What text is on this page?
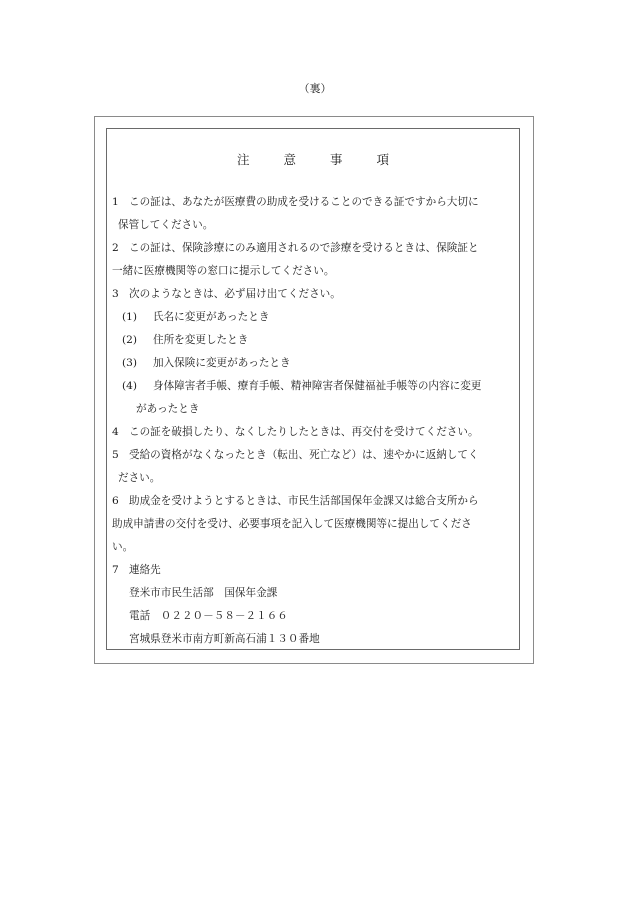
（裏）
注	意	事	項
1 この証は、あなたが医療費の助成を受けることのできる証ですから大切に
保管してください。
2 この証は、保険診療にのみ適用されるので診療を受けるときは、保険証と
一緒に医療機関等の窓口に提示してください。
3 次のようなときは、必ず届け出てください。
(1) 氏名に変更があったとき
(2) 住所を変更したとき
(3) 加入保険に変更があったとき
(4) 身体障害者手帳、療育手帳、精神障害者保健福祉手帳等の内容に変更
があったとき
4 この証を破損したり、なくしたりしたときは、再交付を受けてください。
5 受給の資格がなくなったとき（転出、死亡など）は、速やかに返納してく
ださい。
6 助成金を受けようとするときは、市民生活部国保年金課又は総合支所から
助成申請書の交付を受け、必要事項を記入して医療機関等に提出してくださ
い。
7 連絡先
登米市市民生活部　国保年金課
電話　０２２０－５８－２１６６
宮城県登米市南方町新高石浦１３０番地
